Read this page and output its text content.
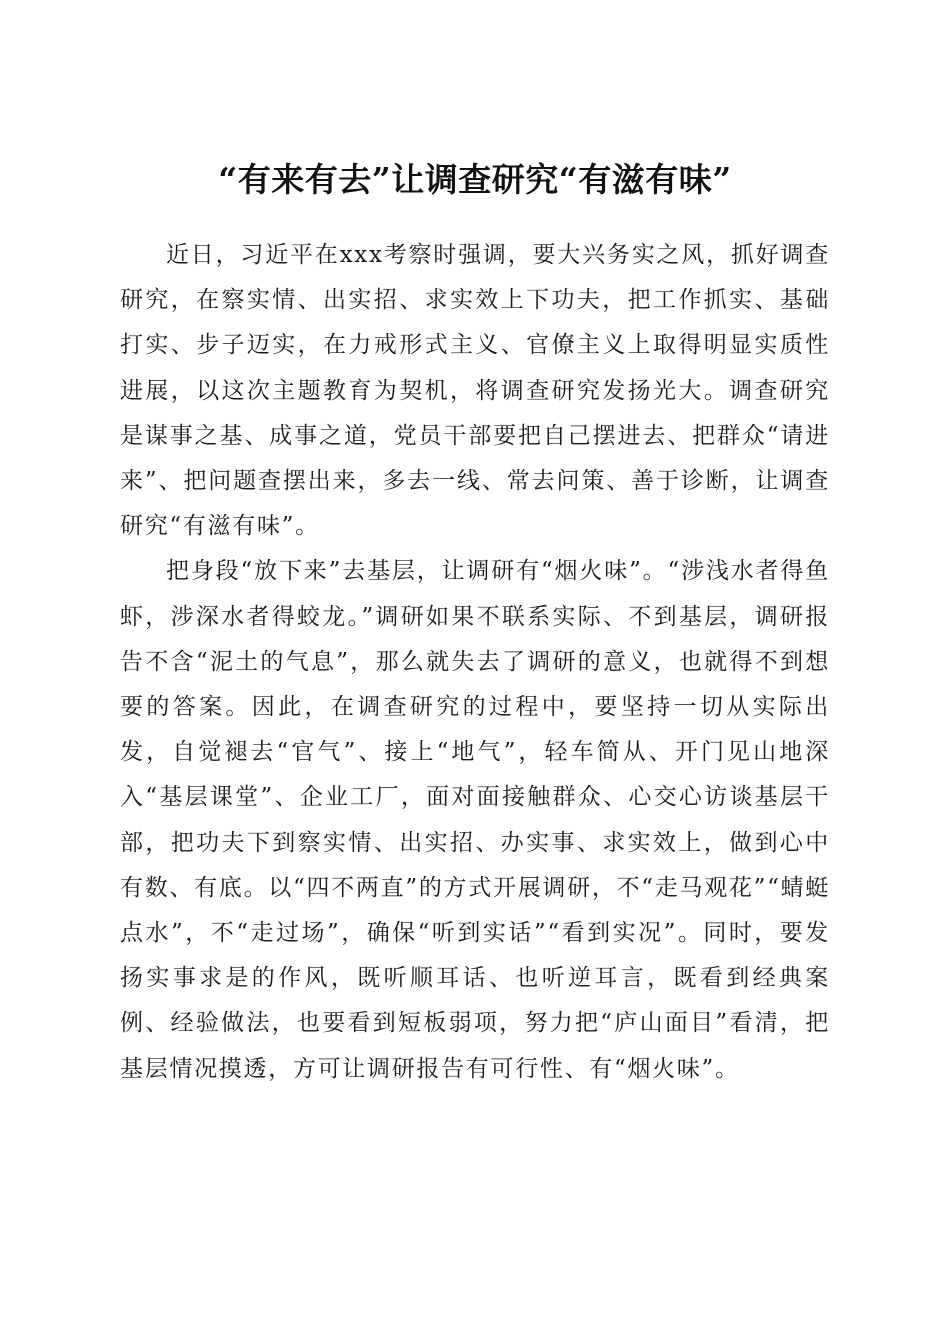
“有来有去”让调查研究“有滋有味”

近日，习近平在xxx考察时强调，要大兴务实之风，抓好调查研究，在察实情、出实招、求实效上下功夫，把工作抓实、基础打实、步子迈实，在力戒形式主义、官僚主义上取得明显实质性进展，以这次主题教育为契机，将调查研究发扬光大。调查研究是谋事之基、成事之道，党员干部要把自己摆进去、把群众“请进来”、把问题查摆出来，多去一线、常去问策、善于诊断，让调查研究“有滋有味”。

把身段“放下来”去基层，让调研有“烟火味”。“涉浅水者得鱼虾，涉深水者得蛟龙。”调研如果不联系实际、不到基层，调研报告不含“泥土的气息”，那么就失去了调研的意义，也就得不到想要的答案。因此，在调查研究的过程中，要坚持一切从实际出发，自觉褪去“官气”、接上“地气”，轻车简从、开门见山地深入“基层课堂”、企业工厂，面对面接触群众、心交心访谈基层干部，把功夫下到察实情、出实招、办实事、求实效上，做到心中有数、有底。以“四不两直”的方式开展调研，不“走马观花”“蜻蜓点水”，不“走过场”，确保“听到实话”“看到实况”。同时，要发扬实事求是的作风，既听顺耳话、也听逆耳言，既看到经典案例、经验做法，也要看到短板弱项，努力把“庐山面目”看清，把基层情况摸透，方可让调研报告有可行性、有“烟火味”。
